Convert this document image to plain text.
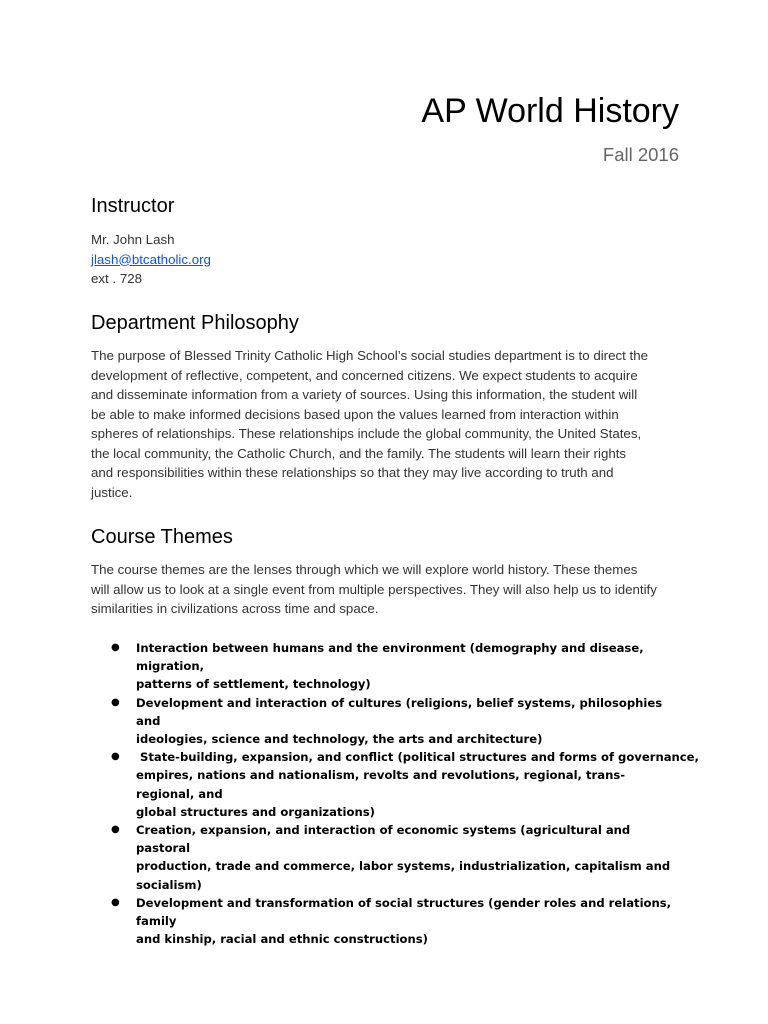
AP World History
Fall 2016
Instructor
Mr. John Lash
jlash@btcatholic.org
ext . 728
Department Philosophy
The purpose of Blessed Trinity Catholic High School’s social studies department is to direct the
development of reflective, competent, and concerned citizens. We expect students to acquire
and disseminate information from a variety of sources. Using this information, the student will
be able to make informed decisions based upon the values learned from interaction within
spheres of relationships. These relationships include the global community, the United States,
the local community, the Catholic Church, and the family. The students will learn their rights
and responsibilities within these relationships so that they may live according to truth and
justice.
Course Themes
The course themes are the lenses through which we will explore world history. These themes
will allow us to look at a single event from multiple perspectives. They will also help us to identify
similarities in civilizations across time and space.
● Interaction between humans and the environment (demography and disease, migration,
patterns of settlement, technology)
● Development and interaction of cultures (religions, belief systems, philosophies and
ideologies, science and technology, the arts and architecture)
● State-building, expansion, and conflict (political structures and forms of governance,
empires, nations and nationalism, revolts and revolutions, regional, trans-regional, and
global structures and organizations)
● Creation, expansion, and interaction of economic systems (agricultural and pastoral
production, trade and commerce, labor systems, industrialization, capitalism and
socialism)
● Development and transformation of social structures (gender roles and relations, family
and kinship, racial and ethnic constructions)
